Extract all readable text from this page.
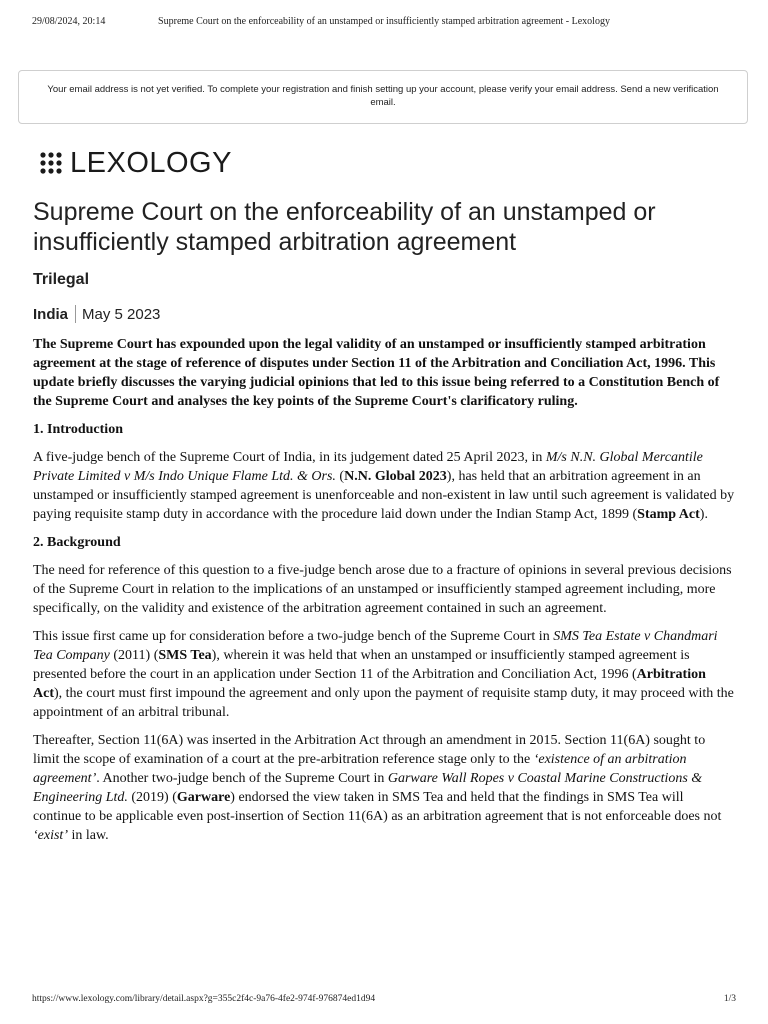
29/08/2024, 20:14	Supreme Court on the enforceability of an unstamped or insufficiently stamped arbitration agreement - Lexology
Your email address is not yet verified. To complete your registration and finish setting up your account, please verify your email address. Send a new verification email.
LEXOLOGY
Supreme Court on the enforceability of an unstamped or insufficiently stamped arbitration agreement
Trilegal
India May 5 2023

The Supreme Court has expounded upon the legal validity of an unstamped or insufficiently stamped arbitration agreement at the stage of reference of disputes under Section 11 of the Arbitration and Conciliation Act, 1996. This update briefly discusses the varying judicial opinions that led to this issue being referred to a Constitution Bench of the Supreme Court and analyses the key points of the Supreme Court's clarificatory ruling.

1. Introduction

A five-judge bench of the Supreme Court of India, in its judgement dated 25 April 2023, in M/s N.N. Global Mercantile Private Limited v M/s Indo Unique Flame Ltd. & Ors. (N.N. Global 2023), has held that an arbitration agreement in an unstamped or insufficiently stamped agreement is unenforceable and non-existent in law until such agreement is validated by paying requisite stamp duty in accordance with the procedure laid down under the Indian Stamp Act, 1899 (Stamp Act).

2. Background

The need for reference of this question to a five-judge bench arose due to a fracture of opinions in several previous decisions of the Supreme Court in relation to the implications of an unstamped or insufficiently stamped agreement including, more specifically, on the validity and existence of the arbitration agreement contained in such an agreement.

This issue first came up for consideration before a two-judge bench of the Supreme Court in SMS Tea Estate v Chandmari Tea Company (2011) (SMS Tea), wherein it was held that when an unstamped or insufficiently stamped agreement is presented before the court in an application under Section 11 of the Arbitration and Conciliation Act, 1996 (Arbitration Act), the court must first impound the agreement and only upon the payment of requisite stamp duty, it may proceed with the appointment of an arbitral tribunal.

Thereafter, Section 11(6A) was inserted in the Arbitration Act through an amendment in 2015. Section 11(6A) sought to limit the scope of examination of a court at the pre-arbitration reference stage only to the ‘existence of an arbitration agreement’. Another two-judge bench of the Supreme Court in Garware Wall Ropes v Coastal Marine Constructions & Engineering Ltd. (2019) (Garware) endorsed the view taken in SMS Tea and held that the findings in SMS Tea will continue to be applicable even post-insertion of Section 11(6A) as an arbitration agreement that is not enforceable does not ‘exist’ in law.

https://www.lexology.com/library/detail.aspx?g=355c2f4c-9a76-4fe2-974f-976874ed1d94	1/3
